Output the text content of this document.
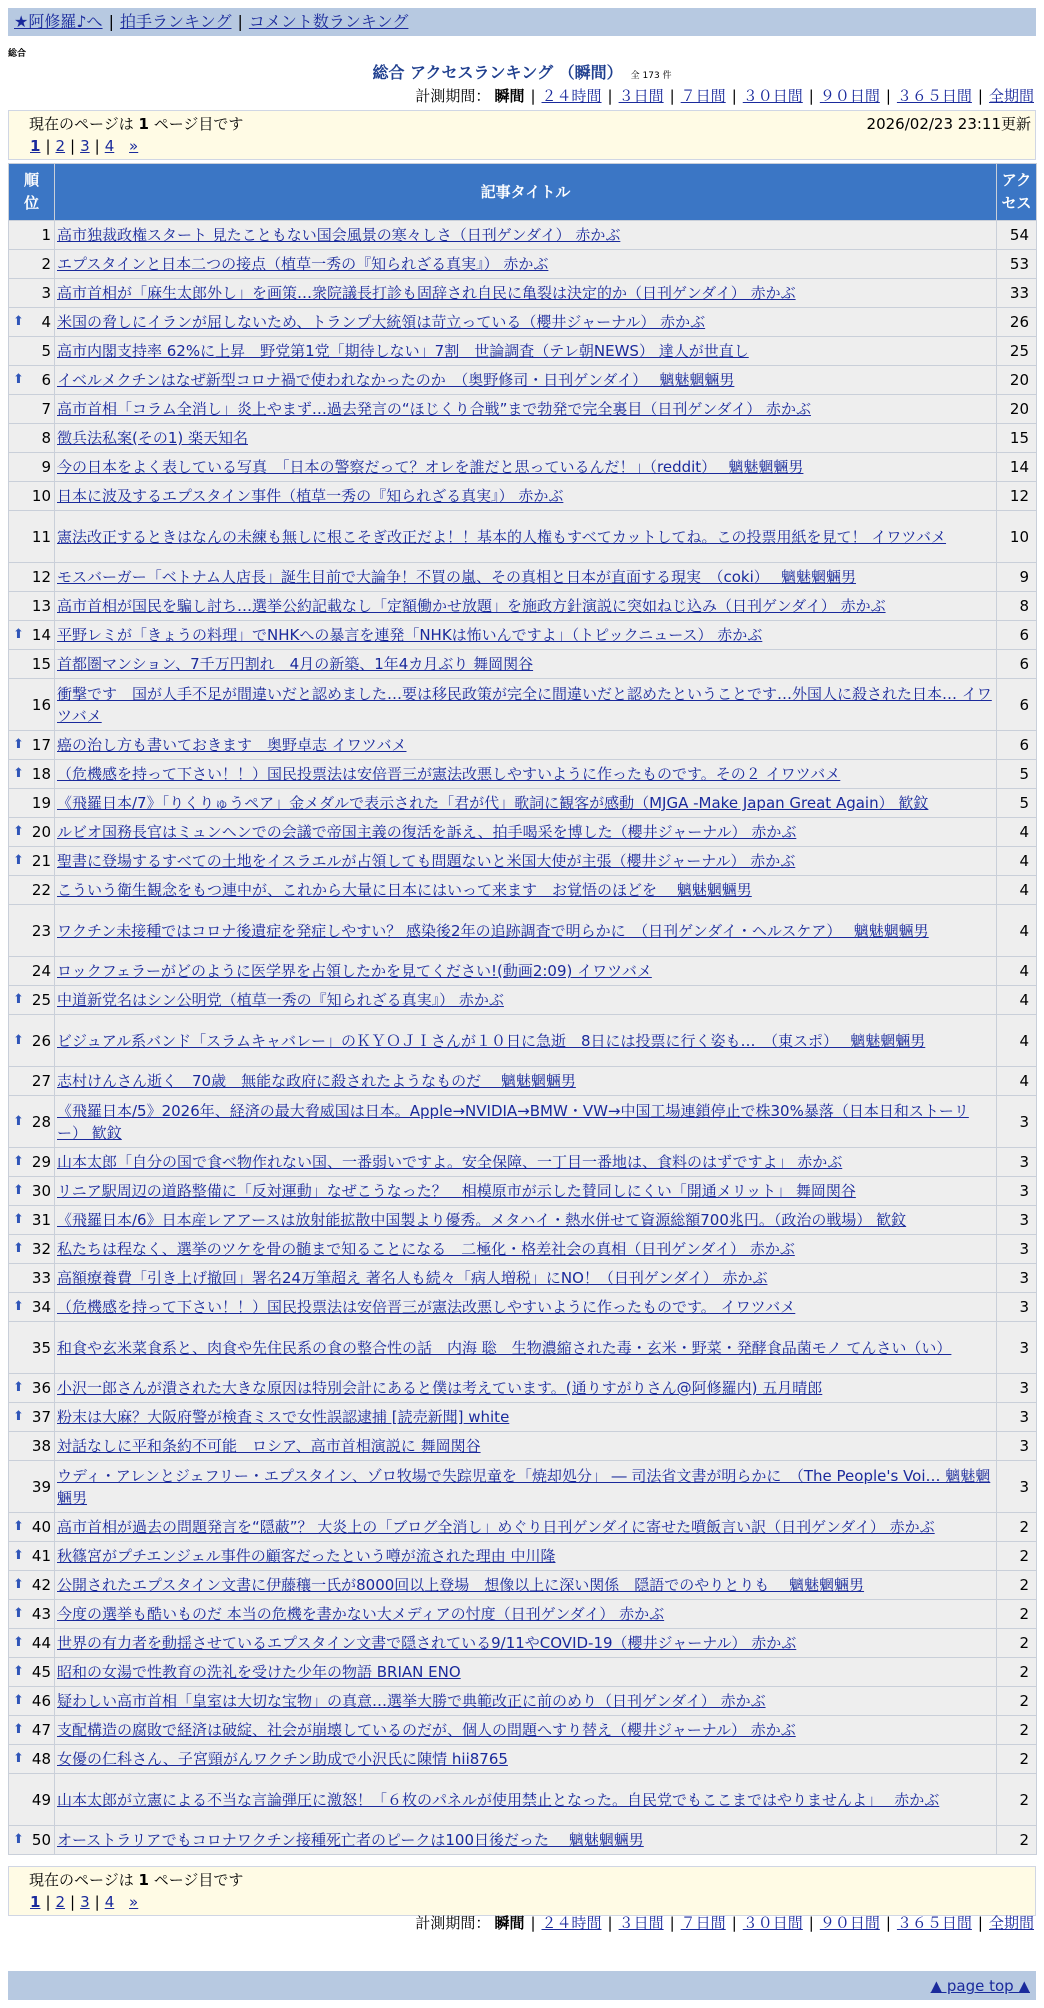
★阿修羅♪へ | 拍手ランキング | コメント数ランキング
総合
総合 アクセスランキング （瞬間） 全 173 件
計測期間： 瞬間 | ２４時間 | ３日間 | ７日間 | ３０日間 | ９０日間 | ３６５日間 | 全期間
現在のページは 1 ページ目です	2026/02/23 23:11更新
1 | 2 | 3 | 4 »
順位	記事タイトル	アクセス
1	高市独裁政権スタート 見たこともない国会風景の寒々しさ（日刊ゲンダイ） 赤かぶ	54
2	エプスタインと日本二つの接点（植草一秀の『知られざる真実』） 赤かぶ	53
3	高市首相が「麻生太郎外し」を画策…衆院議長打診も固辞され自民に亀裂は決定的か（日刊ゲンダイ） 赤かぶ	33

⬆ 4	米国の脅しにイランが屈しないため、トランプ大統領は苛立っている（櫻井ジャーナル） 赤かぶ	26
5	高市内閣支持率 62%に上昇　野党第1党「期待しない」7割　世論調査（テレ朝NEWS） 達人が世直し	25

⬆ 6	イベルメクチンはなぜ新型コロナ禍で使われなかったのか　（奥野修司・日刊ゲンダイ）　 魑魅魍魎男	20
7	高市首相「コラム全消し」炎上やまず…過去発言の“ほじくり合戦”まで勃発で完全裏目（日刊ゲンダイ） 赤かぶ	20
8	徴兵法私案(その1) 楽天知名	15
9	今の日本をよく表している写真　「日本の警察だって？オレを誰だと思っているんだ！」（reddit）　 魑魅魍魎男	14
10	日本に波及するエプスタイン事件（植草一秀の『知られざる真実』） 赤かぶ	12
11	憲法改正するときはなんの未練も無しに根こそぎ改正だよ！！基本的人権もすべてカットしてね。この投票用紙を見て！ イワツバメ	10
12	モスバーガー「ベトナム人店長」誕生目前で大論争！不買の嵐、その真相と日本が直面する現実　（coki）　 魑魅魍魎男	9
13	高市首相が国民を騙し討ち…選挙公約記載なし「定額働かせ放題」を施政方針演説に突如ねじ込み（日刊ゲンダイ） 赤かぶ	8

⬆ 14	平野レミが「きょうの料理」でNHKへの暴言を連発「NHKは怖いんですよ」（トピックニュース） 赤かぶ	6
15	首都圏マンション、7千万円割れ　4月の新築、1年4カ月ぶり 舞岡関谷	6
16	衝撃です　国が人手不足が間違いだと認めました…要は移民政策が完全に間違いだと認めたということです…外国人に殺された日本… イワツバメ	6

⬆ 17	癌の治し方も書いておきます　奥野卓志 イワツバメ	6

⬆ 18	（危機感を持って下さい！！）国民投票法は安倍晋三が憲法改悪しやすいように作ったものです。その２ イワツバメ	5
19	《飛羅日本/7》「りくりゅうペア」金メダルで表示された「君が代」歌詞に観客が感動（MJGA -Make Japan Great Again） 歓鈫	5

⬆ 20	ルビオ国務長官はミュンヘンでの会議で帝国主義の復活を訴え、拍手喝采を博した（櫻井ジャーナル） 赤かぶ	4

⬆ 21	聖書に登場するすべての土地をイスラエルが占領しても問題ないと米国大使が主張（櫻井ジャーナル） 赤かぶ	4
22	こういう衛生観念をもつ連中が、これから大量に日本にはいって来ます　お覚悟のほどを　 魑魅魍魎男	4
23	ワクチン未接種ではコロナ後遺症を発症しやすい？ 感染後2年の追跡調査で明らかに　（日刊ゲンダイ・ヘルスケア）　 魑魅魍魎男	4
24	ロックフェラーがどのように医学界を占領したかを見てください!(動画2:09) イワツバメ	4

⬆ 25	中道新党名はシン公明党（植草一秀の『知られざる真実』） 赤かぶ	4

⬆ 26	ビジュアル系バンド「スラムキャバレー」のＫＹＯＪＩさんが１０日に急逝　8日には投票に行く姿も…　（東スポ）　 魑魅魍魎男	4
27	志村けんさん逝く　70歳　無能な政府に殺されたようなものだ　 魑魅魍魎男	4

⬆ 28	《飛羅日本/5》2026年、経済の最大脅威国は日本。Apple→NVIDIA→BMW・VW→中国工場連鎖停止で株30%暴落（日本日和ストーリー） 歓鈫	3

⬆ 29	山本太郎「自分の国で食べ物作れない国、一番弱いですよ。安全保障、一丁目一番地は、食料のはずですよ」 赤かぶ	3

⬆ 30	リニア駅周辺の道路整備に「反対運動」なぜこうなった？　相模原市が示した賛同しにくい「開通メリット」 舞岡関谷	3

⬆ 31	《飛羅日本/6》日本産レアアースは放射能拡散中国製より優秀。メタハイ・熱水併せて資源総額700兆円。（政治の戦場） 歓鈫	3

⬆ 32	私たちは程なく、選挙のツケを骨の髄まで知ることになる　二極化・格差社会の真相（日刊ゲンダイ） 赤かぶ	3
33	高額療養費「引き上げ撤回」署名24万筆超え 著名人も続々「病人増税」にNO！（日刊ゲンダイ） 赤かぶ	3

⬆ 34	（危機感を持って下さい！！）国民投票法は安倍晋三が憲法改悪しやすいように作ったものです。 イワツバメ	3
35	和食や玄米菜食系と、肉食や先住民系の食の整合性の話　内海 聡　生物濃縮された毒・玄米・野菜・発酵食品菌モノ てんさい（い）	3

⬆ 36	小沢一郎さんが潰された大きな原因は特別会計にあると僕は考えています。(通りすがりさん@阿修羅内) 五月晴郎	3

⬆ 37	粉末は大麻？大阪府警が検査ミスで女性誤認逮捕 [読売新聞] white	3
38	対話なしに平和条約不可能　ロシア、高市首相演説に 舞岡関谷	3
39	ウディ・アレンとジェフリー・エプスタイン、ゾロ牧場で失踪児童を「焼却処分」 ― 司法省文書が明らかに　（The People's Voi… 魑魅魍魎男	3

⬆ 40	高市首相が過去の問題発言を“隠蔽”？ 大炎上の「ブログ全消し」めぐり日刊ゲンダイに寄せた噴飯言い訳（日刊ゲンダイ） 赤かぶ	2

⬆ 41	秋篠宮がプチエンジェル事件の顧客だったという噂が流された理由 中川隆	2

⬆ 42	公開されたエプスタイン文書に伊藤穰一氏が8000回以上登場　想像以上に深い関係　隠語でのやりとりも　 魑魅魍魎男	2

⬆ 43	今度の選挙も酷いものだ 本当の危機を書かない大メディアの忖度（日刊ゲンダイ） 赤かぶ	2

⬆ 44	世界の有力者を動揺させているエプスタイン文書で隠されている9/11やCOVID-19（櫻井ジャーナル） 赤かぶ	2

⬆ 45	昭和の女湯で性教育の洗礼を受けた少年の物語 BRIAN ENO	2

⬆ 46	疑わしい高市首相「皇室は大切な宝物」の真意…選挙大勝で典範改正に前のめり（日刊ゲンダイ） 赤かぶ	2

⬆ 47	支配構造の腐敗で経済は破綻、社会が崩壊しているのだが、個人の問題へすり替え（櫻井ジャーナル） 赤かぶ	2

⬆ 48	女優の仁科さん、子宮頸がんワクチン助成で小沢氏に陳情 hii8765	2
49	山本太郎が立憲による不当な言論弾圧に激怒！「６枚のパネルが使用禁止となった。自民党でもここまではやりませんよ」　 赤かぶ	2

⬆ 50	オーストラリアでもコロナワクチン接種死亡者のピークは100日後だった　 魑魅魍魎男	2
現在のページは 1 ページ目です
1 | 2 | 3 | 4 »
計測期間： 瞬間 | ２４時間 | ３日間 | ７日間 | ３０日間 | ９０日間 | ３６５日間 | 全期間
▲ page top ▲
